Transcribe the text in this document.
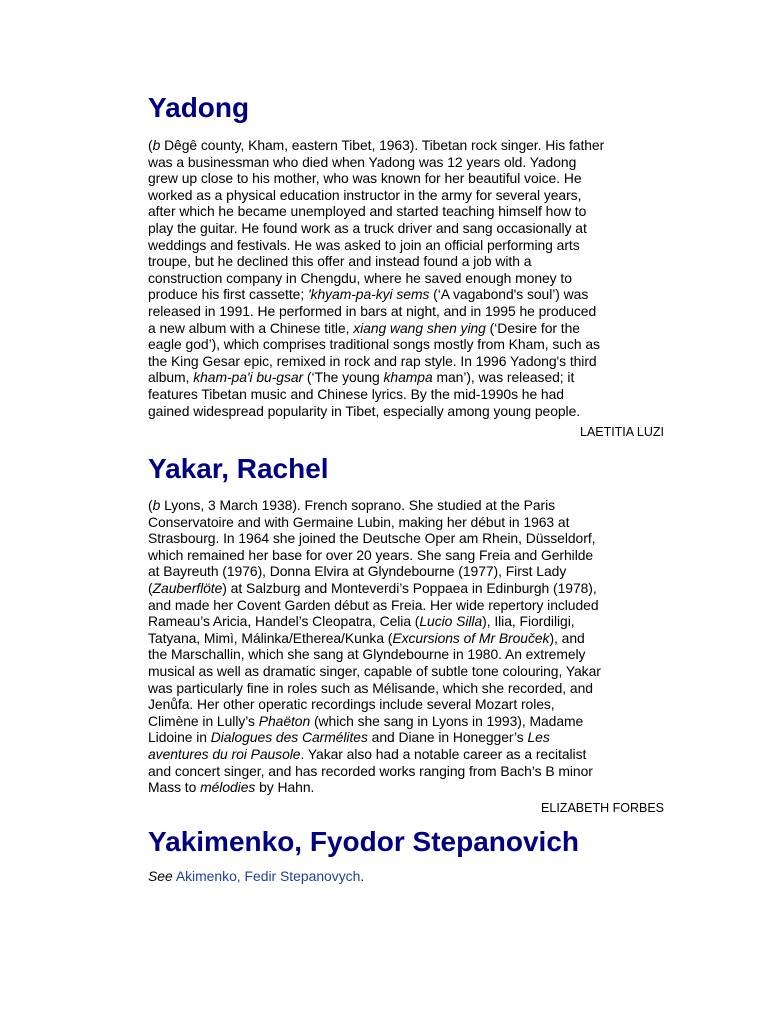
Yadong

(b Dêgê county, Kham, eastern Tibet, 1963). Tibetan rock singer. His father
was a businessman who died when Yadong was 12 years old. Yadong
grew up close to his mother, who was known for her beautiful voice. He
worked as a physical education instructor in the army for several years,
after which he became unemployed and started teaching himself how to
play the guitar. He found work as a truck driver and sang occasionally at
weddings and festivals. He was asked to join an official performing arts
troupe, but he declined this offer and instead found a job with a
construction company in Chengdu, where he saved enough money to
produce his first cassette; 'khyam-pa-kyi sems (‘A vagabond's soul’) was
released in 1991. He performed in bars at night, and in 1995 he produced
a new album with a Chinese title, xiang wang shen ying (‘Desire for the
eagle god’), which comprises traditional songs mostly from Kham, such as
the King Gesar epic, remixed in rock and rap style. In 1996 Yadong's third
album, kham-pa'i bu-gsar (‘The young khampa man’), was released; it
features Tibetan music and Chinese lyrics. By the mid-1990s he had
gained widespread popularity in Tibet, especially among young people.

LAETITIA LUZI

Yakar, Rachel

(b Lyons, 3 March 1938). French soprano. She studied at the Paris
Conservatoire and with Germaine Lubin, making her début in 1963 at
Strasbourg. In 1964 she joined the Deutsche Oper am Rhein, Düsseldorf,
which remained her base for over 20 years. She sang Freia and Gerhilde
at Bayreuth (1976), Donna Elvira at Glyndebourne (1977), First Lady
(Zauberflöte) at Salzburg and Monteverdi’s Poppaea in Edinburgh (1978),
and made her Covent Garden début as Freia. Her wide repertory included
Rameau’s Aricia, Handel’s Cleopatra, Celia (Lucio Silla), Ilia, Fiordiligi,
Tatyana, Mimì, Málinka/Etherea/Kunka (Excursions of Mr Brouček), and
the Marschallin, which she sang at Glyndebourne in 1980. An extremely
musical as well as dramatic singer, capable of subtle tone colouring, Yakar
was particularly fine in roles such as Mélisande, which she recorded, and
Jenůfa. Her other operatic recordings include several Mozart roles,
Climène in Lully’s Phaëton (which she sang in Lyons in 1993), Madame
Lidoine in Dialogues des Carmélites and Diane in Honegger’s Les
aventures du roi Pausole. Yakar also had a notable career as a recitalist
and concert singer, and has recorded works ranging from Bach’s B minor
Mass to mélodies by Hahn.

ELIZABETH FORBES

Yakimenko, Fyodor Stepanovich

See Akimenko, Fedir Stepanovych.
